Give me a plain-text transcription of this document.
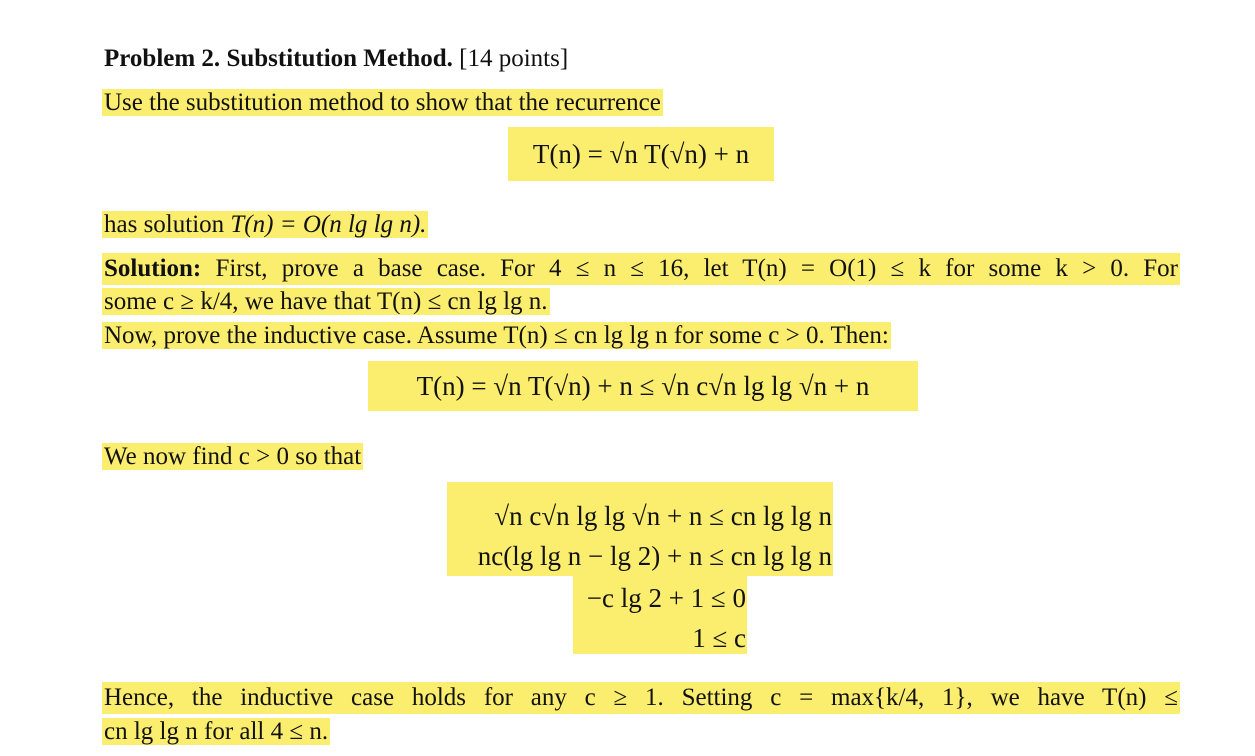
Problem 2. Substitution Method. [14 points]
Use the substitution method to show that the recurrence
T(n) = √n T(√n) + n
has solution T(n) = O(n lg lg n).
Solution: First, prove a base case. For 4 ≤ n ≤ 16, let T(n) = O(1) ≤ k for some k > 0. For
some c ≥ k/4, we have that T(n) ≤ cn lg lg n.
Now, prove the inductive case. Assume T(n) ≤ cn lg lg n for some c > 0. Then:
T(n) = √n T(√n) + n ≤ √n c√n lg lg √n + n
We now find c > 0 so that
√n c√n lg lg √n + n ≤ cn lg lg n
nc(lg lg n − lg 2) + n ≤ cn lg lg n
−c lg 2 + 1 ≤ 0
1 ≤ c
Hence, the inductive case holds for any c ≥ 1. Setting c = max{k/4, 1}, we have T(n) ≤
cn lg lg n for all 4 ≤ n.
